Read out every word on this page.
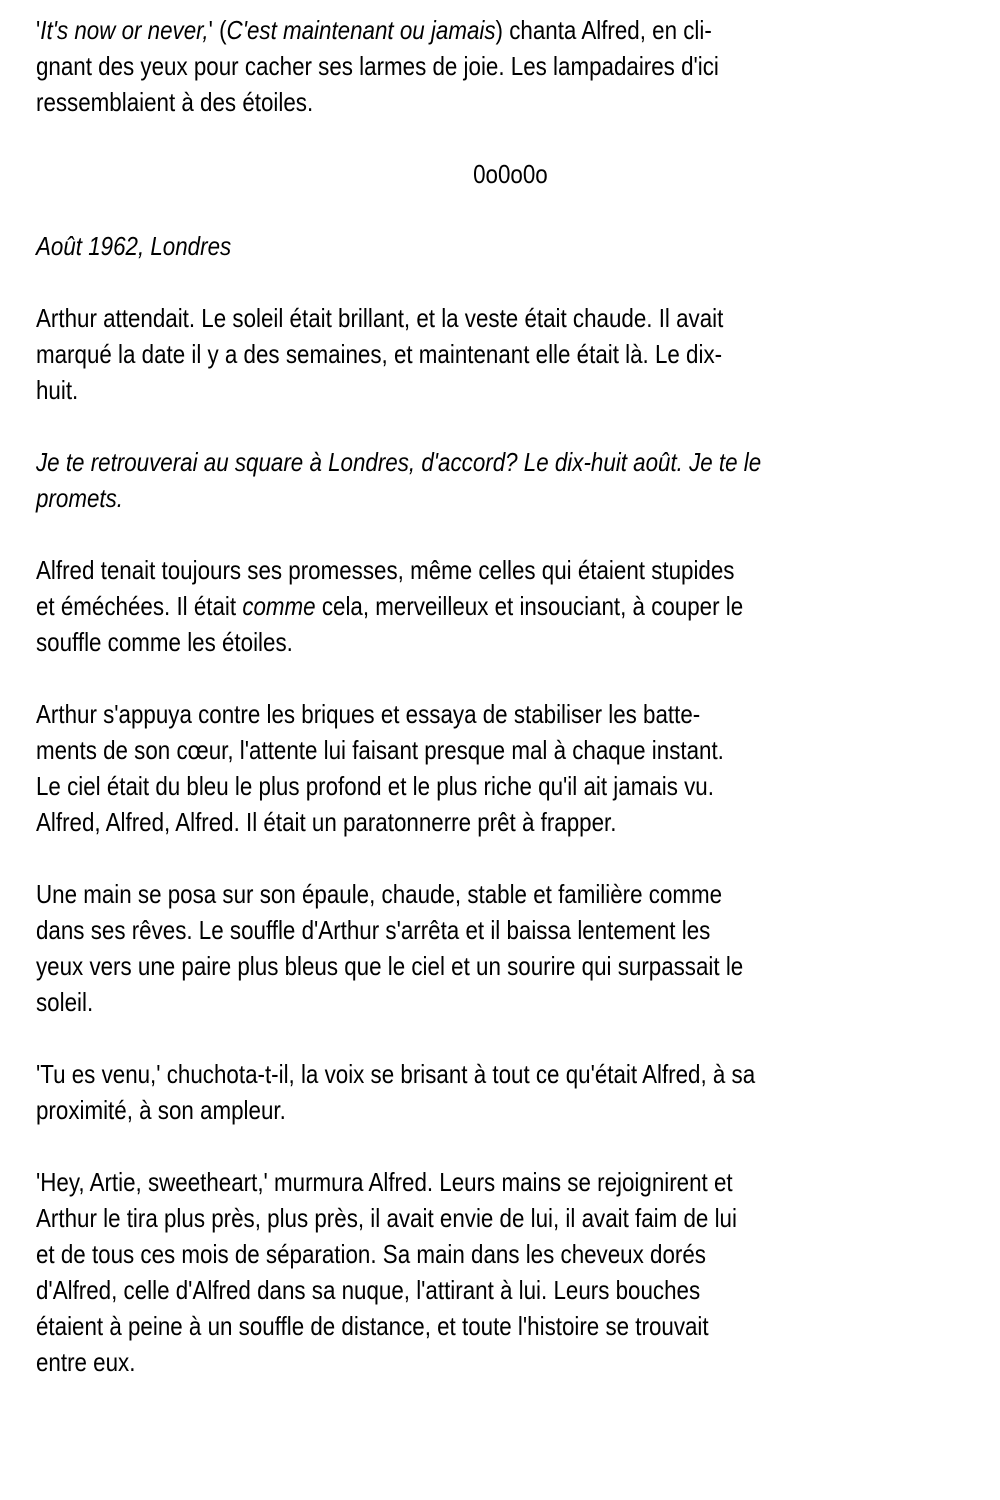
'It's now or never,' (C'est maintenant ou jamais) chanta Alfred, en cli-
gnant des yeux pour cacher ses larmes de joie. Les lampadaires d'ici
ressemblaient à des étoiles.
0o0o0o
Août 1962, Londres
Arthur attendait. Le soleil était brillant, et la veste était chaude. Il avait
marqué la date il y a des semaines, et maintenant elle était là. Le dix-
huit.
Je te retrouverai au square à Londres, d'accord? Le dix-huit août. Je te le
promets.
Alfred tenait toujours ses promesses, même celles qui étaient stupides
et éméchées. Il était comme cela, merveilleux et insouciant, à couper le
souffle comme les étoiles.
Arthur s'appuya contre les briques et essaya de stabiliser les batte-
ments de son cœur, l'attente lui faisant presque mal à chaque instant.
Le ciel était du bleu le plus profond et le plus riche qu'il ait jamais vu.
Alfred, Alfred, Alfred. Il était un paratonnerre prêt à frapper.
Une main se posa sur son épaule, chaude, stable et familière comme
dans ses rêves. Le souffle d'Arthur s'arrêta et il baissa lentement les
yeux vers une paire plus bleus que le ciel et un sourire qui surpassait le
soleil.
'Tu es venu,' chuchota-t-il, la voix se brisant à tout ce qu'était Alfred, à sa
proximité, à son ampleur.
'Hey, Artie, sweetheart,' murmura Alfred. Leurs mains se rejoignirent et
Arthur le tira plus près, plus près, il avait envie de lui, il avait faim de lui
et de tous ces mois de séparation. Sa main dans les cheveux dorés
d'Alfred, celle d'Alfred dans sa nuque, l'attirant à lui. Leurs bouches
étaient à peine à un souffle de distance, et toute l'histoire se trouvait
entre eux.
